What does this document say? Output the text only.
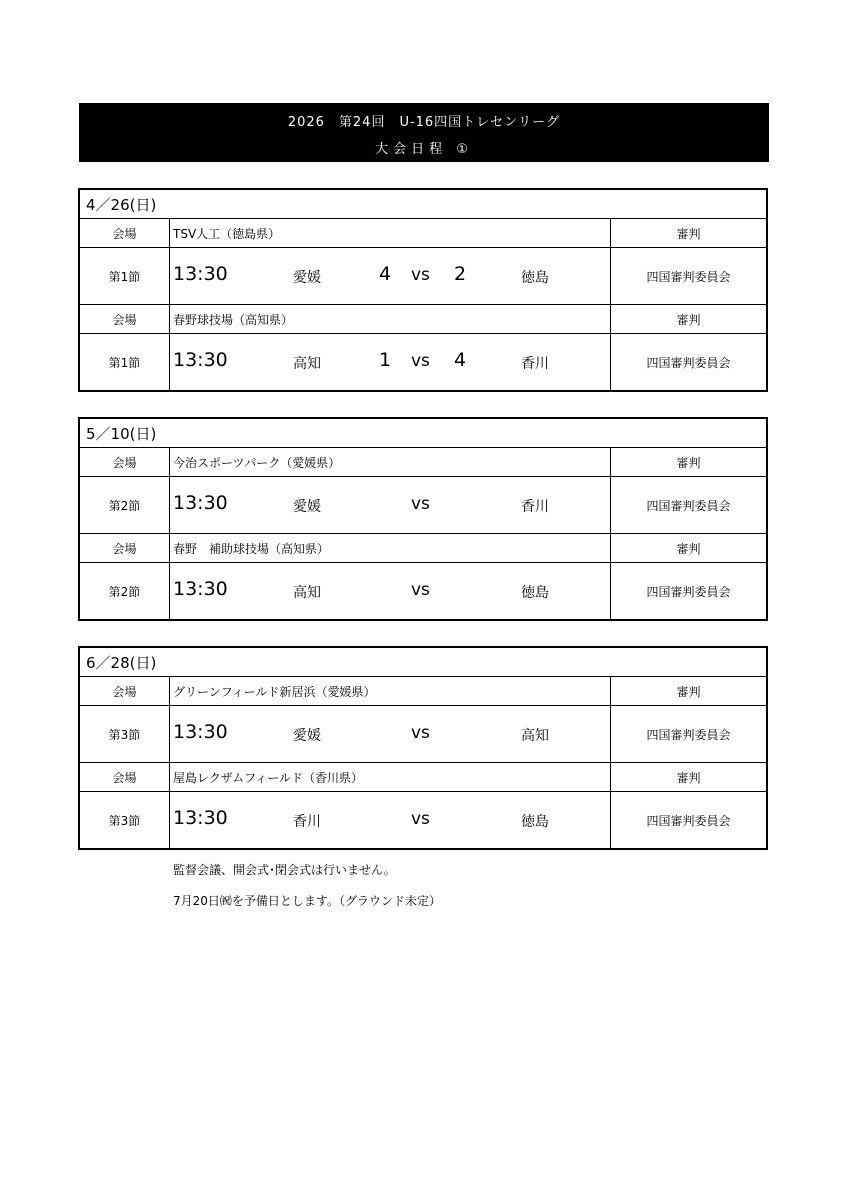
2026　第24回　U-16四国トレセンリーグ
大会日程 ①
4／26(日)
会場	TSV人工（徳島県）	審判
第1節	13:30	愛媛	4 vs 2	徳島	四国審判委員会
会場	春野球技場（高知県）	審判
第1節	13:30	高知	1 vs 4	香川	四国審判委員会
5／10(日)
会場	今治スポーツパーク（愛媛県）	審判
第2節	13:30	愛媛	vs	香川	四国審判委員会
会場	春野　補助球技場（高知県）	審判
第2節	13:30	高知	vs	徳島	四国審判委員会
6／28(日)
会場	グリーンフィールド新居浜（愛媛県）	審判
第3節	13:30	愛媛	vs	高知	四国審判委員会
会場	屋島レクザムフィールド（香川県）	審判
第3節	13:30	香川	vs	徳島	四国審判委員会
監督会議、開会式･閉会式は行いません。
7月20日㈷を予備日とします。（グラウンド未定）
